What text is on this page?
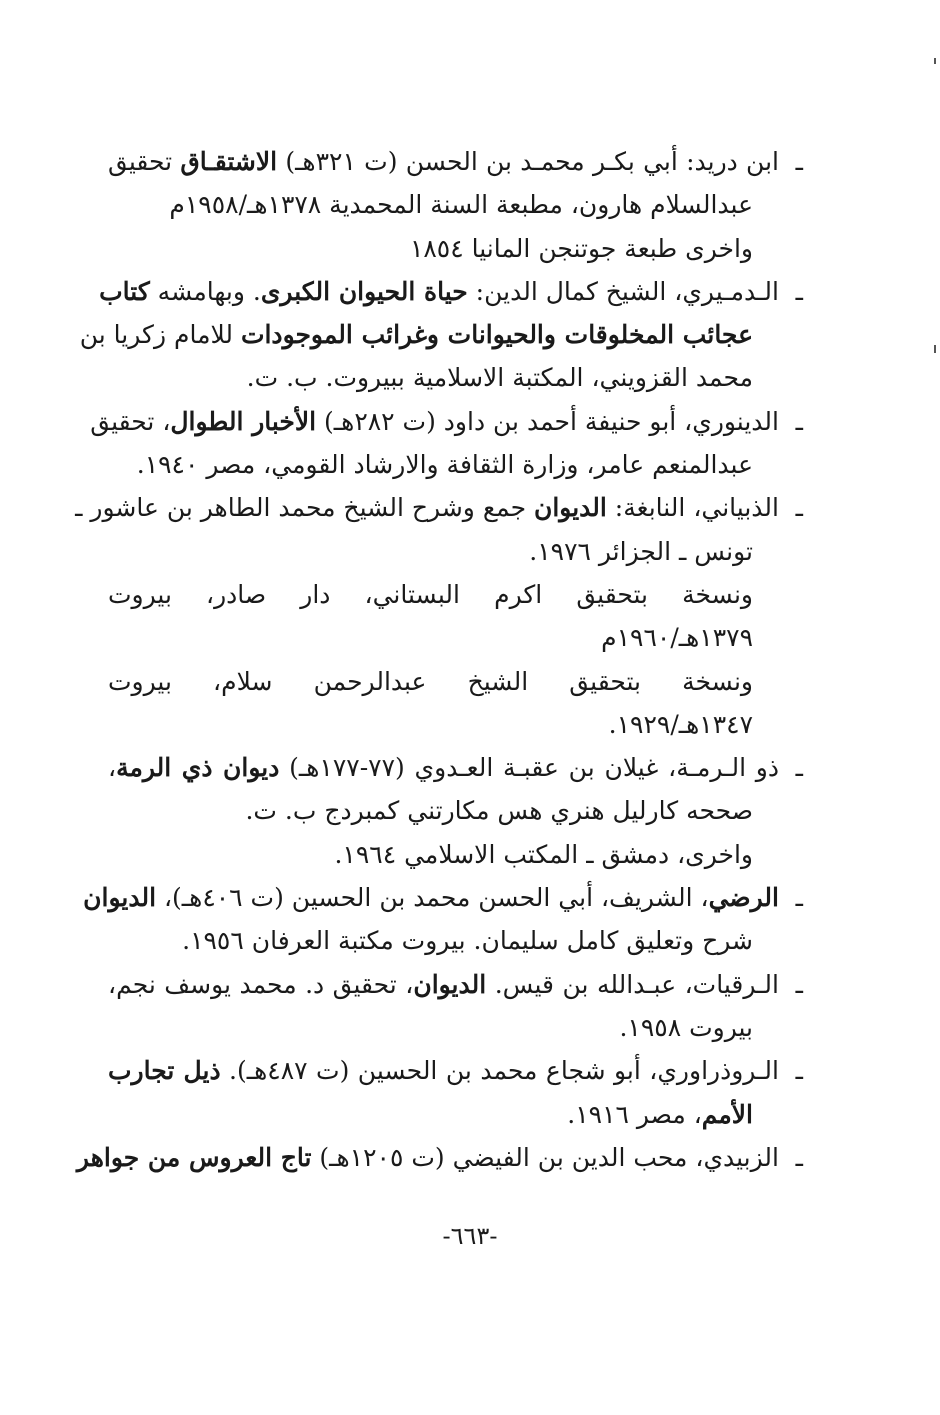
ـ
ابن دريد: أبي بكـر محمـد بن الحسن (ت ٣٢١هـ) الاشتقـاق تحقيق
عبدالسلام هارون، مطبعة السنة المحمدية ١٣٧٨هـ/١٩٥٨م
واخرى طبعة جوتنجن المانيا ١٨٥٤
ـ
الـدمـيري، الشيخ كمال الدين: حياة الحيوان الكبرى. وبهامشه كتاب
عجائب المخلوقات والحيوانات وغرائب الموجودات للامام زكريا بن
محمد القزويني، المكتبة الاسلامية ببيروت. ب. ت.
ـ
الدينوري، أبو حنيفة أحمد بن داود (ت ٢٨٢هـ) الأخبار الطوال، تحقيق
عبدالمنعم عامر، وزارة الثقافة والارشاد القومي، مصر ١٩٤٠.
ـ
الذبياني، النابغة: الديوان جمع وشرح الشيخ محمد الطاهر بن عاشور ـ
تونس ـ الجزائر ١٩٧٦.
ونسخة بتحقيق اكرم البستاني، دار صادر، بيروت
١٣٧٩هـ/١٩٦٠م
ونسخة بتحقيق الشيخ عبدالرحمن سلام، بيروت
١٣٤٧هـ/١٩٢٩.
ـ
ذو الـرمـة، غيلان بن عقبـة العـدوي (٧٧-١٧٧هـ) ديوان ذي الرمة،
صححه كارليل هنري هس مكارتني كمبردج ب. ت.
واخرى، دمشق ـ المكتب الاسلامي ١٩٦٤.
ـ
الرضي، الشريف، أبي الحسن محمد بن الحسين (ت ٤٠٦هـ)، الديوان
شرح وتعليق كامل سليمان. بيروت مكتبة العرفان ١٩٥٦.
ـ
الـرقيات، عبـدالله بن قيس. الديوان، تحقيق د. محمد يوسف نجم،
بيروت ١٩٥٨.
ـ
الـروذراوري، أبو شجاع محمد بن الحسين (ت ٤٨٧هـ). ذيل تجارب
الأمم، مصر ١٩١٦.
ـ
الزبيدي، محب الدين بن الفيضي (ت ١٢٠٥هـ) تاج العروس من جواهر
-٦٦٣-
